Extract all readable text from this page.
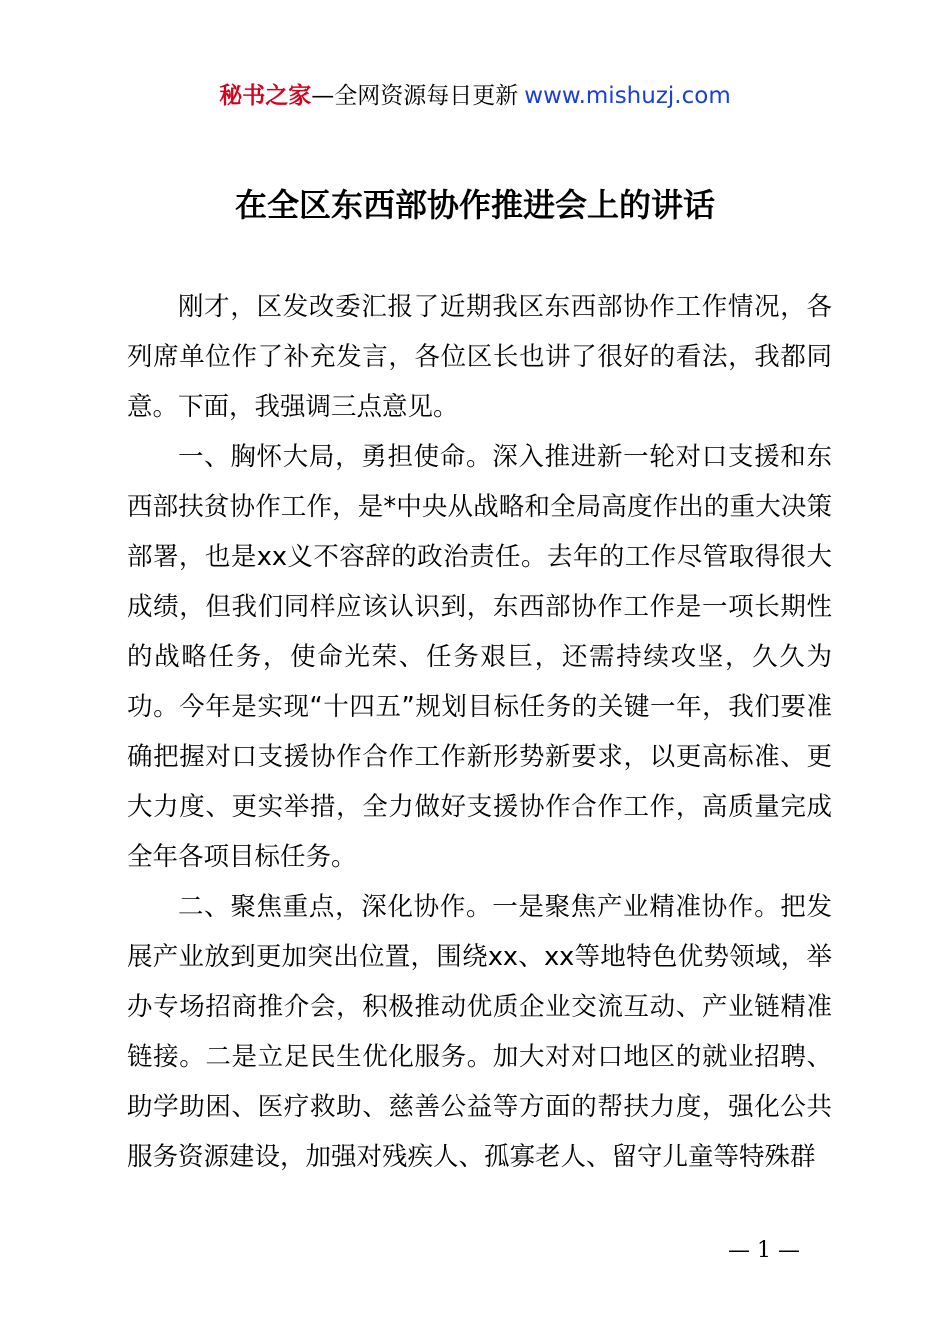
秘书之家—全网资源每日更新 www.mishuzj.com
在全区东西部协作推进会上的讲话

刚才，区发改委汇报了近期我区东西部协作工作情况，各列席单位作了补充发言，各位区长也讲了很好的看法，我都同意。下面，我强调三点意见。

一、胸怀大局，勇担使命。深入推进新一轮对口支援和东西部扶贫协作工作，是*中央从战略和全局高度作出的重大决策部署，也是xx义不容辞的政治责任。去年的工作尽管取得很大成绩，但我们同样应该认识到，东西部协作工作是一项长期性的战略任务，使命光荣、任务艰巨，还需持续攻坚，久久为功。今年是实现“十四五”规划目标任务的关键一年，我们要准确把握对口支援协作合作工作新形势新要求，以更高标准、更大力度、更实举措，全力做好支援协作合作工作，高质量完成全年各项目标任务。

二、聚焦重点，深化协作。一是聚焦产业精准协作。把发展产业放到更加突出位置，围绕xx、xx等地特色优势领域，举办专场招商推介会，积极推动优质企业交流互动、产业链精准链接。二是立足民生优化服务。加大对对口地区的就业招聘、助学助困、医疗救助、慈善公益等方面的帮扶力度，强化公共服务资源建设，加强对残疾人、孤寡老人、留守儿童等特殊群

— 1 —
